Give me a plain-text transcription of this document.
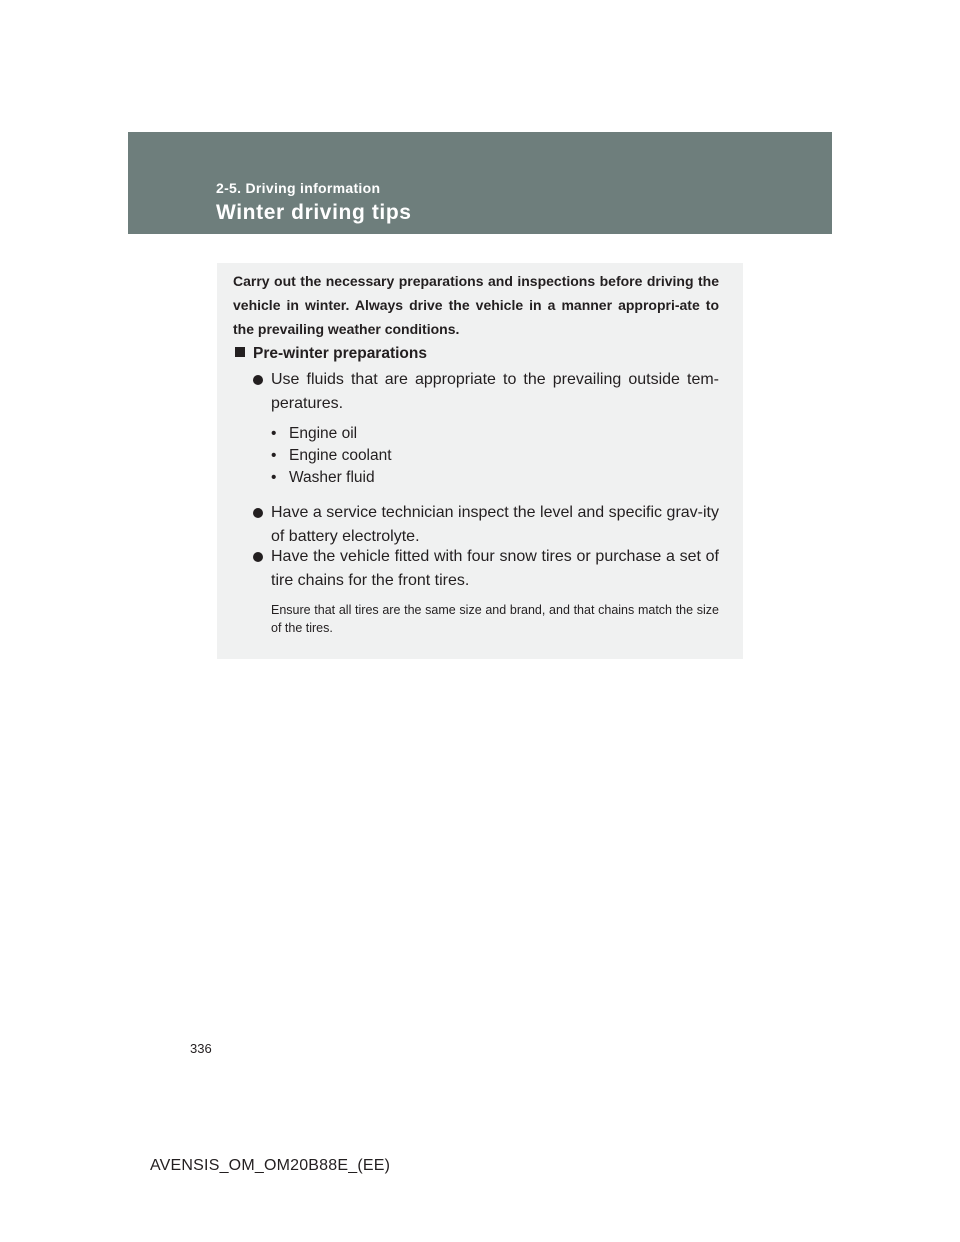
2-5. Driving information
Winter driving tips
Carry out the necessary preparations and inspections before driving the vehicle in winter. Always drive the vehicle in a manner appropri-ate to the prevailing weather conditions.
Pre-winter preparations
Use fluids that are appropriate to the prevailing outside tem-peratures.
• Engine oil
• Engine coolant
• Washer fluid
Have a service technician inspect the level and specific grav-ity of battery electrolyte.
Have the vehicle fitted with four snow tires or purchase a set of tire chains for the front tires.
Ensure that all tires are the same size and brand, and that chains match the size of the tires.
336
AVENSIS_OM_OM20B88E_(EE)
